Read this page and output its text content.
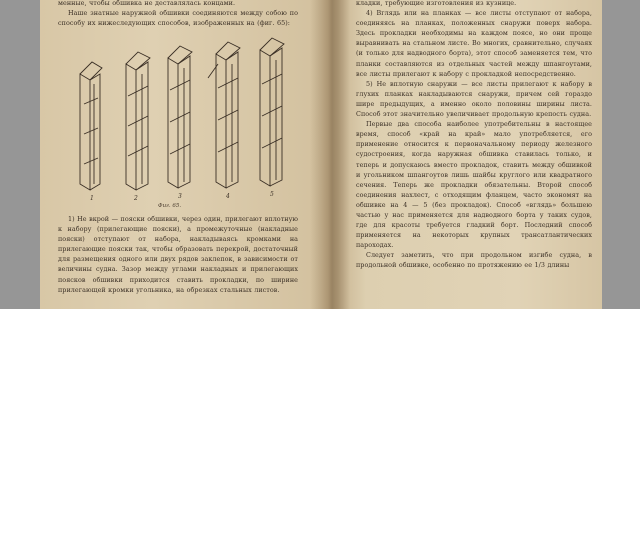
менные, чтобы обшивка не деставлялась концами.

Наше знатные наружной обшивки соединяются между собою по способу их нижеследующих способов, изображенных на (фиг. 65):

1	2	3	4	5
Фиг. 65.

1) Не вкрой — пояски обшивки, через один, прилегают вплотную к набору (прилегающие пояски), а промежуточные (накладные пояски) отступают от набора, накладываясь кромками на прилегающие пояски так, чтобы образовать перекрой, достаточный для размещения одного или двух рядов заклепок, в зависимости от величины судна. Зазор между углами накладных и прилегающих поясков обшивки приходится ставить прокладки, по ширине прилегающей кромки угольника, на обрезках стальных листов.

кладки, требующие изготовления из кузнице.

4) Вглядь или на планках — все листы отступают от набора, соединяясь на планках, положенных снаружи поверх набора. Здесь прокладки необходимы на каждом поясе, но они проще выравнивать на стальном листе. Во многих, сравнительно, случаях (и только для надводного борта), этот способ заменяется тем, что планки составляются из отдельных частей между шпангоутами, все листы прилегают к набору с прокладкой непосредственно.

5) Не вплотную снаружи — все листы прилегают к набору в глухих планках накладываются снаружи, причем сей гораздо шире предыдущих, а именно около половины ширины листа. Способ этот значительно увеличивает продольную крепость судна.

Первые два способа наиболее употребительны в настоящее время, способ «край на край» мало употребляется, его применение относится к первоначальному периоду железного судостроения, когда наружная обшивка ставилась только, и теперь и допускаюсь вместо прокладок, ставить между обшивкой и угольником шпангоутов лишь шайбы круглого или квадратного сечения. Теперь же прокладки обязательны. Второй способ соединения нахлест, с отходящим фланцем, часто экономят на обшивке на 4 — 5 (без прокладок). Способ «вглядь» большею частью у нас применяется для надводного борта у таких судов, где для красоты требуется гладкий борт. Последний способ применяется на некоторых крупных трансатлантических пароходах.

Следует заметить, что при продольном изгибе судна, в продольной обшивке, особенно по протяжению ее 1/3 длины
